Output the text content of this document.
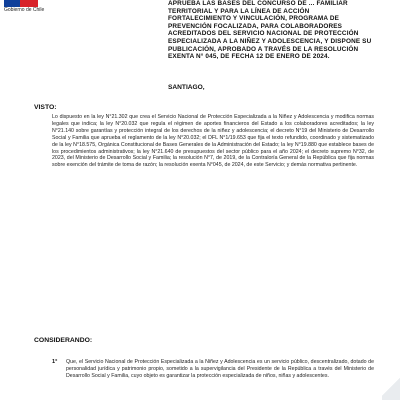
Gobierno de Chile
APRUEBA LAS BASES DEL CONCURSO DE ... FAMILIAR TERRITORIAL Y PARA LA LÍNEA DE ACCIÓN FORTALECIMIENTO Y VINCULACIÓN, PROGRAMA DE PREVENCIÓN FOCALIZADA, PARA COLABORADORES ACREDITADOS DEL SERVICIO NACIONAL DE PROTECCIÓN ESPECIALIZADA A LA NIÑEZ Y ADOLESCENCIA, Y DISPONE SU PUBLICACIÓN, APROBADO A TRAVÉS DE LA RESOLUCIÓN EXENTA N° 045, DE FECHA 12 DE ENERO DE 2024.
SANTIAGO,
VISTO:
Lo dispuesto en la ley N°21.302 que crea el Servicio Nacional de Protección Especializada a la Niñez y Adolescencia y modifica normas legales que indica; la ley N°20.032 que regula el régimen de aportes financieros del Estado a los colaboradores acreditados; la ley N°21.140 sobre garantías y protección integral de los derechos de la niñez y adolescencia; el decreto N°19 del Ministerio de Desarrollo Social y Familia que aprueba el reglamento de la ley N°20.032; el DFL N°1/19.653 que fija el texto refundido, coordinado y sistematizado de la ley N°18.575, Orgánica Constitucional de Bases Generales de la Administración del Estado; la ley N°19.880 que establece bases de los procedimientos administrativos; la ley N°21.640 de presupuestos del sector público para el año 2024; el decreto supremo N°32, de 2023, del Ministerio de Desarrollo Social y Familia; la resolución N°7, de 2019, de la Contraloría General de la República que fija normas sobre exención del trámite de toma de razón; la resolución exenta N°045, de 2024, de este Servicio; y demás normativa pertinente.
CONSIDERANDO:
1° Que, el Servicio Nacional de Protección Especializada a la Niñez y Adolescencia es un servicio público, descentralizado, dotado de personalidad jurídica y patrimonio propio, sometido a la supervigilancia del Presidente de la República a través del Ministerio de Desarrollo Social y Familia, cuyo objeto es garantizar la protección especializada de niños, niñas y adolescentes.
